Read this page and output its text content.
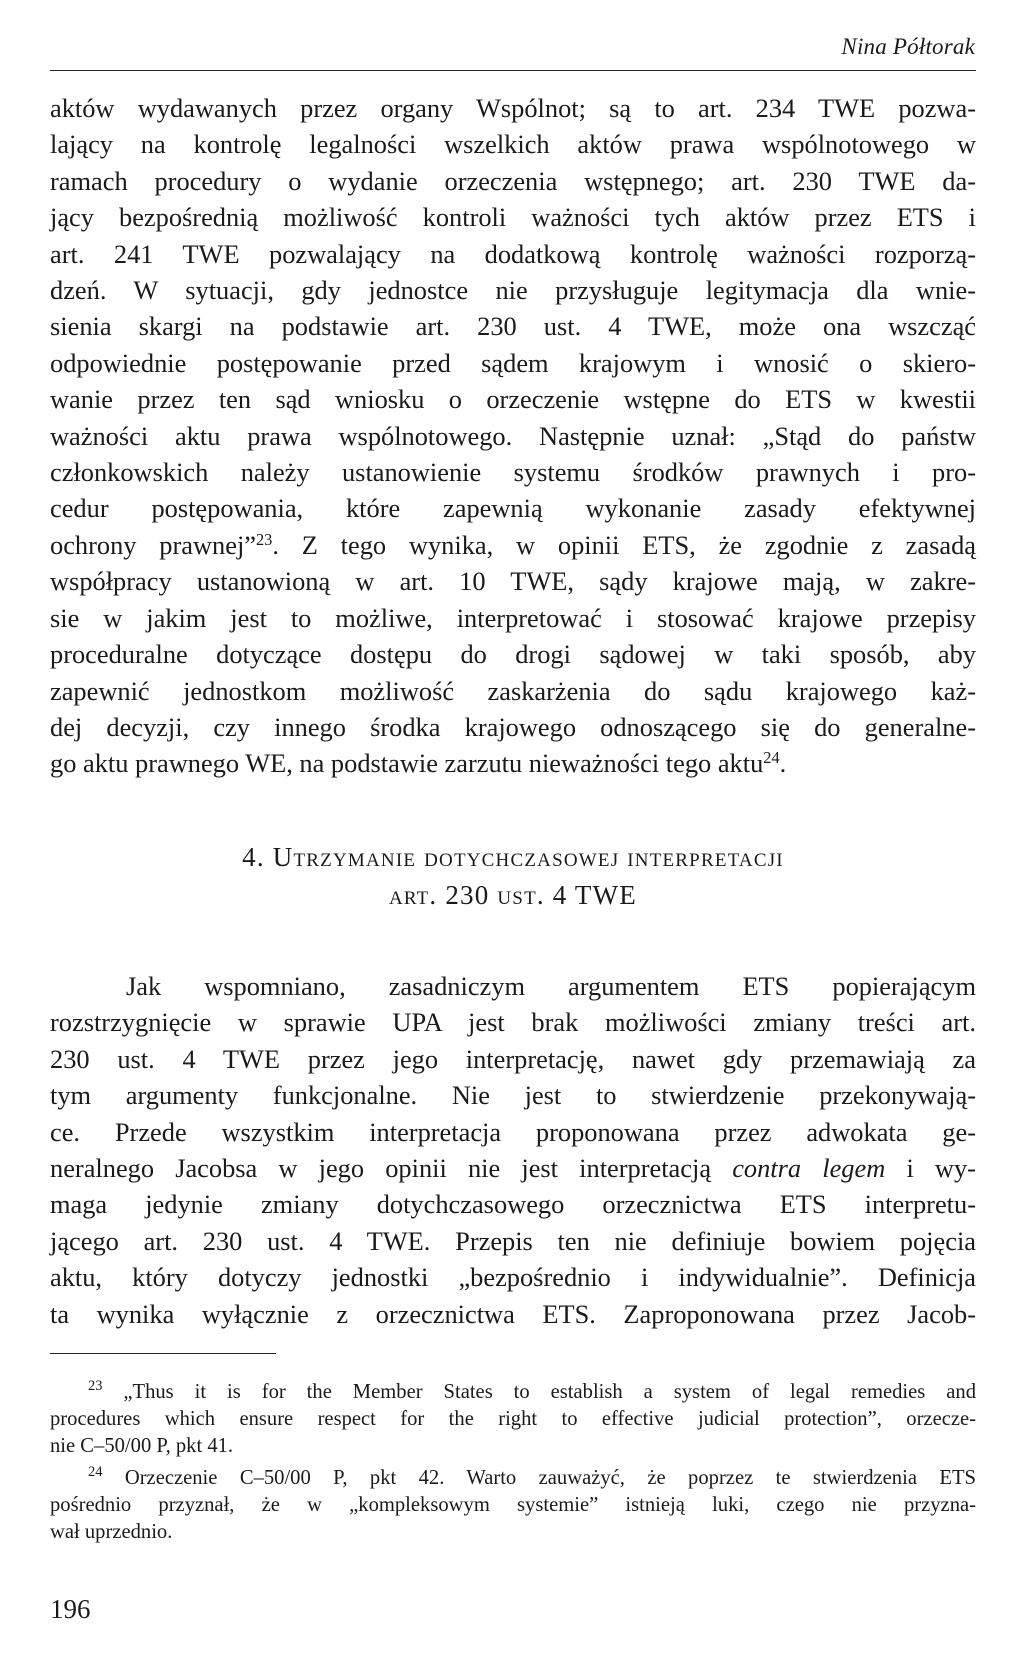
Nina Półtorak
aktów wydawanych przez organy Wspólnot; są to art. 234 TWE pozwa-
lający na kontrolę legalności wszelkich aktów prawa wspólnotowego w
ramach procedury o wydanie orzeczenia wstępnego; art. 230 TWE da-
jący bezpośrednią możliwość kontroli ważności tych aktów przez ETS i
art. 241 TWE pozwalający na dodatkową kontrolę ważności rozporzą-
dzeń. W sytuacji, gdy jednostce nie przysługuje legitymacja dla wnie-
sienia skargi na podstawie art. 230 ust. 4 TWE, może ona wszcząć
odpowiednie postępowanie przed sądem krajowym i wnosić o skiero-
wanie przez ten sąd wniosku o orzeczenie wstępne do ETS w kwestii
ważności aktu prawa wspólnotowego. Następnie uznał: „Stąd do państw
członkowskich należy ustanowienie systemu środków prawnych i pro-
cedur postępowania, które zapewnią wykonanie zasady efektywnej
ochrony prawnej”$^{23}$. Z tego wynika, w opinii ETS, że zgodnie z zasadą
współpracy ustanowioną w art. 10 TWE, sądy krajowe mają, w zakre-
sie w jakim jest to możliwe, interpretować i stosować krajowe przepisy
proceduralne dotyczące dostępu do drogi sądowej w taki sposób, aby
zapewnić jednostkom możliwość zaskarżenia do sądu krajowego każ-
dej decyzji, czy innego środka krajowego odnoszącego się do generalne-
go aktu prawnego WE, na podstawie zarzutu nieważności tego aktu$^{24}$.
4. Utrzymanie dotychczasowej interpretacji
art. 230 ust. 4 TWE
Jak wspomniano, zasadniczym argumentem ETS popierającym
rozstrzygnięcie w sprawie UPA jest brak możliwości zmiany treści art.
230 ust. 4 TWE przez jego interpretację, nawet gdy przemawiają za
tym argumenty funkcjonalne. Nie jest to stwierdzenie przekonywają-
ce. Przede wszystkim interpretacja proponowana przez adwokata ge-
neralnego Jacobsa w jego opinii nie jest interpretacją contra legem i wy-
maga jedynie zmiany dotychczasowego orzecznictwa ETS interpretu-
jącego art. 230 ust. 4 TWE. Przepis ten nie definiuje bowiem pojęcia
aktu, który dotyczy jednostki „bezpośrednio i indywidualnie”. Definicja
ta wynika wyłącznie z orzecznictwa ETS. Zaproponowana przez Jacob-
$^{23}$ „Thus it is for the Member States to establish a system of legal remedies and
procedures which ensure respect for the right to effective judicial protection”, orzecze-
nie C–50/00 P, pkt 41.
$^{24}$ Orzeczenie C–50/00 P, pkt 42. Warto zauważyć, że poprzez te stwierdzenia ETS
pośrednio przyznał, że w „kompleksowym systemie” istnieją luki, czego nie przyzna-
wał uprzednio.
196
